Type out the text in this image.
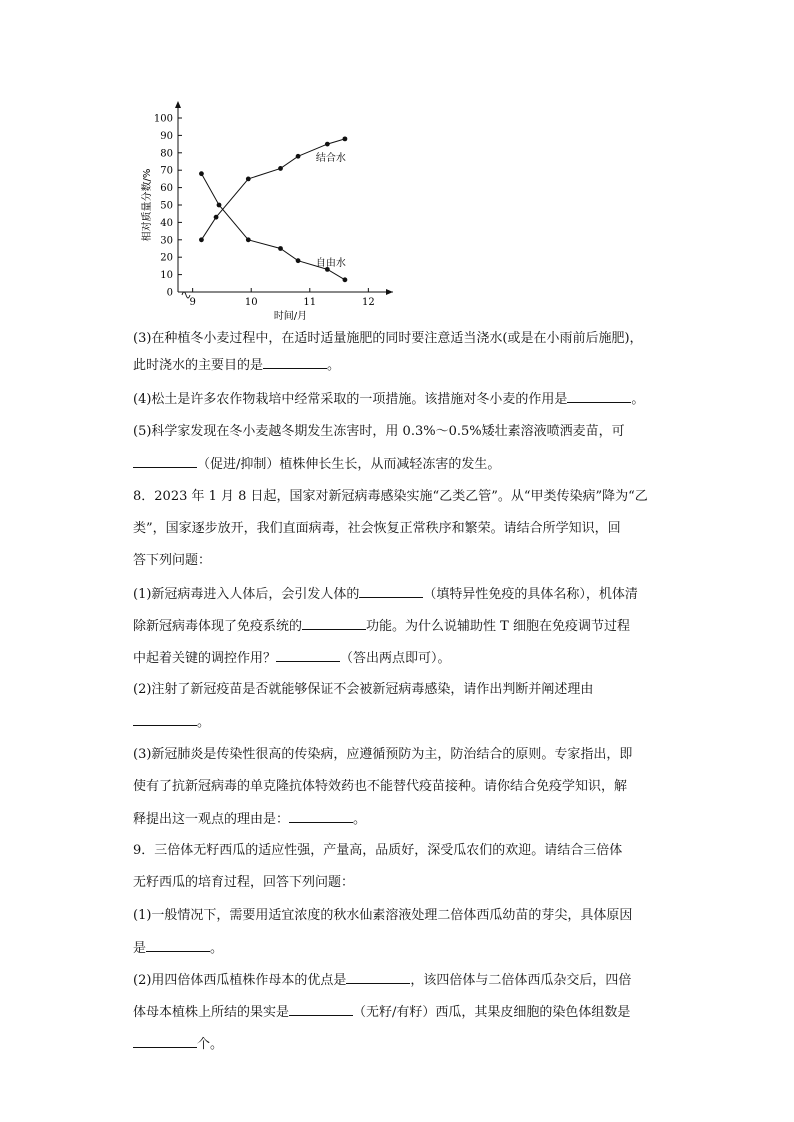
0
10
20
30
40
50
60
70
80
90
100
9	10	11	12
结合水
自由水
相对质量分数/%
时间/月
(3)在种植冬小麦过程中，在适时适量施肥的同时要注意适当浇水(或是在小雨前后施肥)，
此时浇水的主要目的是	。
(4)松土是许多农作物栽培中经常采取的一项措施。该措施对冬小麦的作用是	。
(5)科学家发现在冬小麦越冬期发生冻害时，用 0.3%～0.5%矮壮素溶液喷洒麦苗，可
（促进/抑制）植株伸长生长，从而减轻冻害的发生。
8．2023 年 1 月 8 日起，国家对新冠病毒感染实施“乙类乙管”。从“甲类传染病”降为“乙
类”，国家逐步放开，我们直面病毒，社会恢复正常秩序和繁荣。请结合所学知识，回
答下列问题：
(1)新冠病毒进入人体后，会引发人体的	（填特异性免疫的具体名称），机体清
除新冠病毒体现了免疫系统的	功能。为什么说辅助性 T 细胞在免疫调节过程
中起着关键的调控作用？	（答出两点即可）。
(2)注射了新冠疫苗是否就能够保证不会被新冠病毒感染，请作出判断并阐述理由
。
(3)新冠肺炎是传染性很高的传染病，应遵循预防为主，防治结合的原则。专家指出，即
使有了抗新冠病毒的单克隆抗体特效药也不能替代疫苗接种。请你结合免疫学知识，解
释提出这一观点的理由是：	。
9．三倍体无籽西瓜的适应性强，产量高，品质好，深受瓜农们的欢迎。请结合三倍体
无籽西瓜的培育过程，回答下列问题：
(1)一般情况下，需要用适宜浓度的秋水仙素溶液处理二倍体西瓜幼苗的芽尖，具体原因
是	。
(2)用四倍体西瓜植株作母本的优点是	，该四倍体与二倍体西瓜杂交后，四倍
体母本植株上所结的果实是	（无籽/有籽）西瓜，其果皮细胞的染色体组数是
个。
